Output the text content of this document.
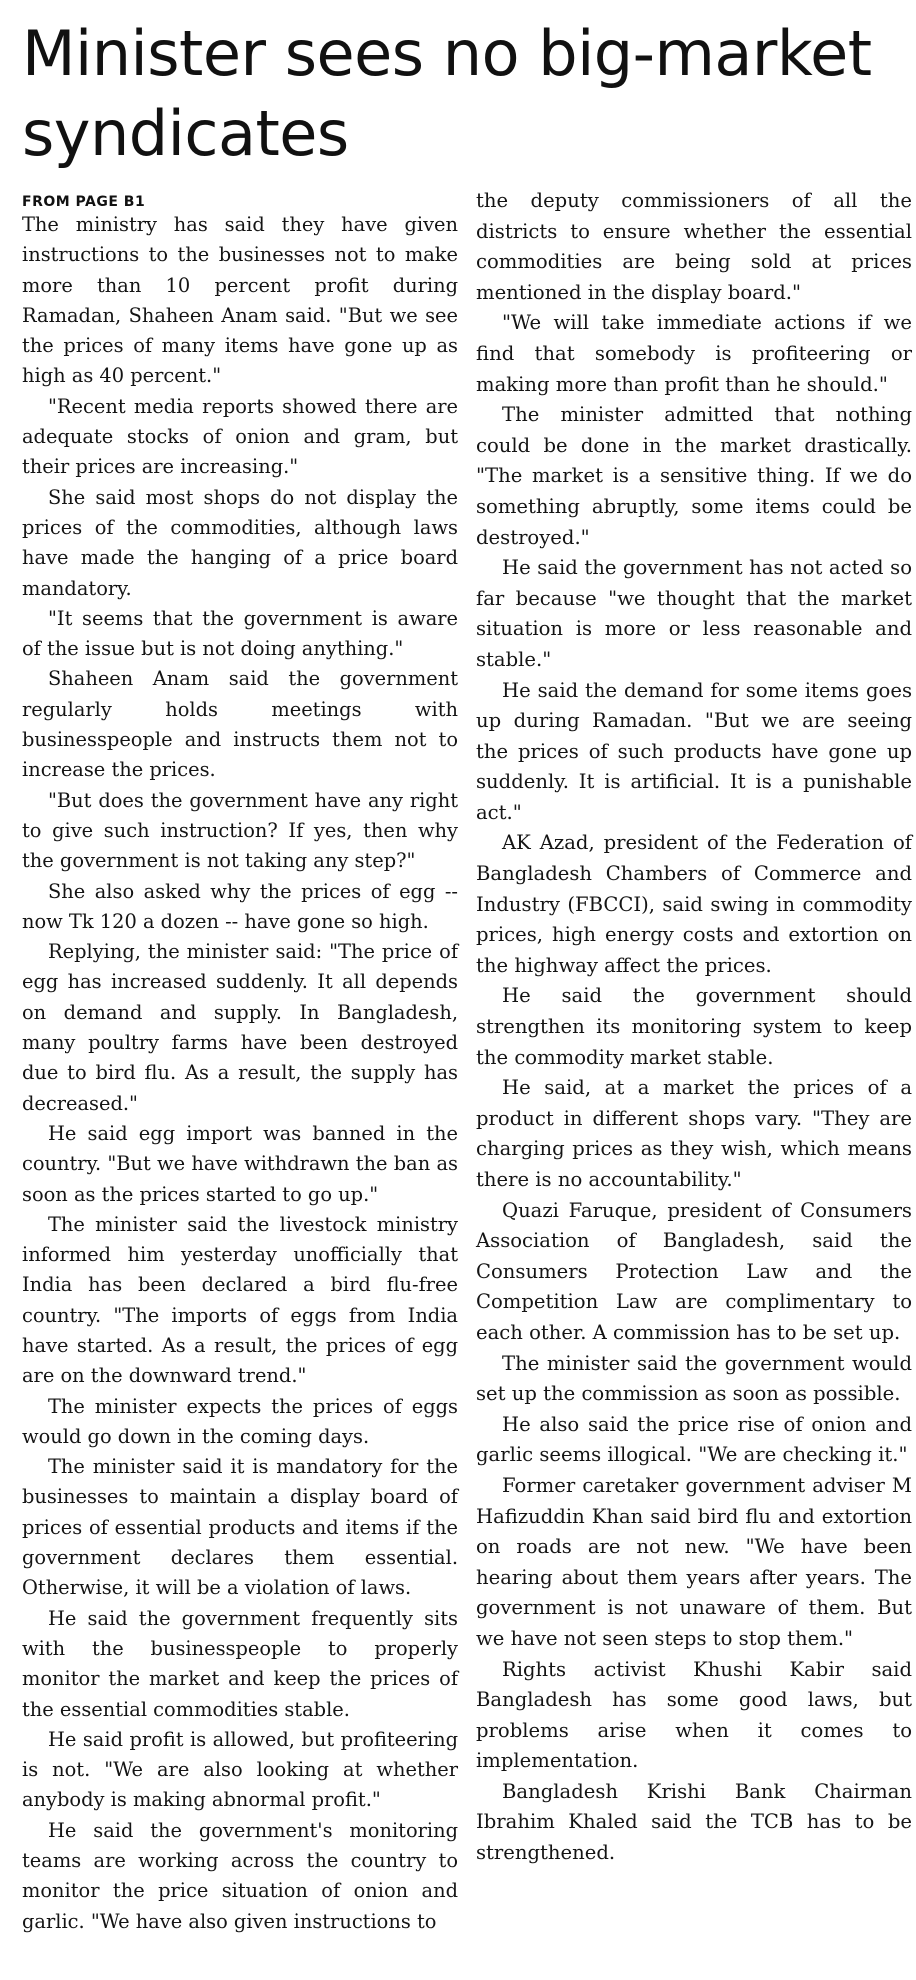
Minister sees no big-market syndicates
FROM PAGE B1

The ministry has said they have given instructions to the businesses not to make more than 10 percent profit during Ramadan, Shaheen Anam said. "But we see the prices of many items have gone up as high as 40 percent."

"Recent media reports showed there are adequate stocks of onion and gram, but their prices are increasing."

She said most shops do not display the prices of the commodities, although laws have made the hanging of a price board mandatory.

"It seems that the government is aware of the issue but is not doing anything."

Shaheen Anam said the government regularly holds meetings with businesspeople and instructs them not to increase the prices.

"But does the government have any right to give such instruction? If yes, then why the government is not taking any step?"

She also asked why the prices of egg -- now Tk 120 a dozen -- have gone so high.

Replying, the minister said: "The price of egg has increased suddenly. It all depends on demand and supply. In Bangladesh, many poultry farms have been destroyed due to bird flu. As a result, the supply has decreased."

He said egg import was banned in the country. "But we have withdrawn the ban as soon as the prices started to go up."

The minister said the livestock ministry informed him yesterday unofficially that India has been declared a bird flu-free country. "The imports of eggs from India have started. As a result, the prices of egg are on the downward trend."

The minister expects the prices of eggs would go down in the coming days.

The minister said it is mandatory for the businesses to maintain a display board of prices of essential products and items if the government declares them essential. Otherwise, it will be a violation of laws.

He said the government frequently sits with the businesspeople to properly monitor the market and keep the prices of the essential commodities stable.

He said profit is allowed, but profiteering is not. "We are also looking at whether anybody is making abnormal profit."

He said the government's monitoring teams are working across the country to monitor the price situation of onion and garlic. "We have also given instructions to

the deputy commissioners of all the districts to ensure whether the essential commodities are being sold at prices mentioned in the display board."

"We will take immediate actions if we find that somebody is profiteering or making more than profit than he should."

The minister admitted that nothing could be done in the market drastically. "The market is a sensitive thing. If we do something abruptly, some items could be destroyed."

He said the government has not acted so far because "we thought that the market situation is more or less reasonable and stable."

He said the demand for some items goes up during Ramadan. "But we are seeing the prices of such products have gone up suddenly. It is artificial. It is a punishable act."

AK Azad, president of the Federation of Bangladesh Chambers of Commerce and Industry (FBCCI), said swing in commodity prices, high energy costs and extortion on the highway affect the prices.

He said the government should strengthen its monitoring system to keep the commodity market stable.

He said, at a market the prices of a product in different shops vary. "They are charging prices as they wish, which means there is no accountability."

Quazi Faruque, president of Consumers Association of Bangladesh, said the Consumers Protection Law and the Competition Law are complimentary to each other. A commission has to be set up.

The minister said the government would set up the commission as soon as possible.

He also said the price rise of onion and garlic seems illogical. "We are checking it."

Former caretaker government adviser M Hafizuddin Khan said bird flu and extortion on roads are not new. "We have been hearing about them years after years. The government is not unaware of them. But we have not seen steps to stop them."

Rights activist Khushi Kabir said Bangladesh has some good laws, but problems arise when it comes to implementation.

Bangladesh Krishi Bank Chairman Ibrahim Khaled said the TCB has to be strengthened.
